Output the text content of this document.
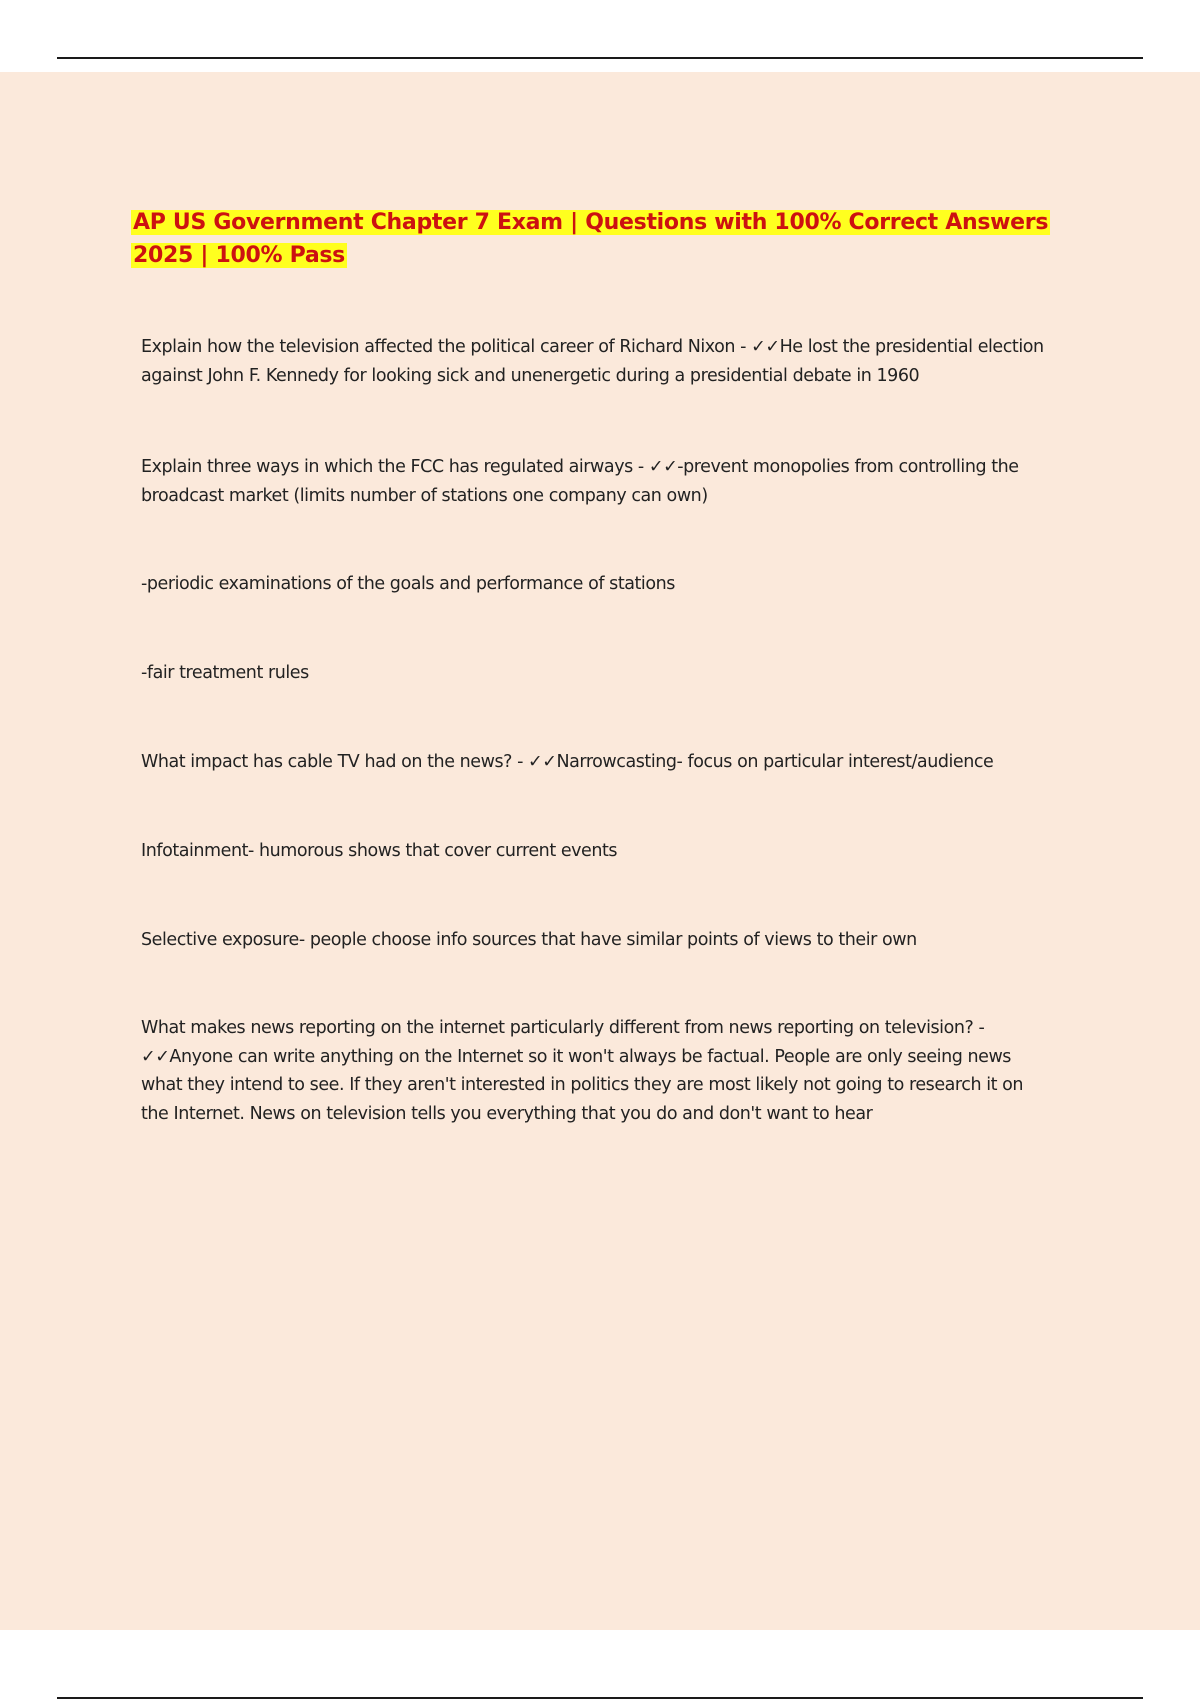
AP US Government Chapter 7 Exam | Questions with 100% Correct Answers 2025 | 100% Pass

Explain how the television affected the political career of Richard Nixon - ✓✓He lost the presidential election against John F. Kennedy for looking sick and unenergetic during a presidential debate in 1960

Explain three ways in which the FCC has regulated airways - ✓✓-prevent monopolies from controlling the broadcast market (limits number of stations one company can own)

-periodic examinations of the goals and performance of stations

-fair treatment rules

What impact has cable TV had on the news? - ✓✓Narrowcasting- focus on particular interest/audience

Infotainment- humorous shows that cover current events

Selective exposure- people choose info sources that have similar points of views to their own

What makes news reporting on the internet particularly different from news reporting on television? - ✓✓Anyone can write anything on the Internet so it won't always be factual. People are only seeing news what they intend to see. If they aren't interested in politics they are most likely not going to research it on the Internet. News on television tells you everything that you do and don't want to hear
